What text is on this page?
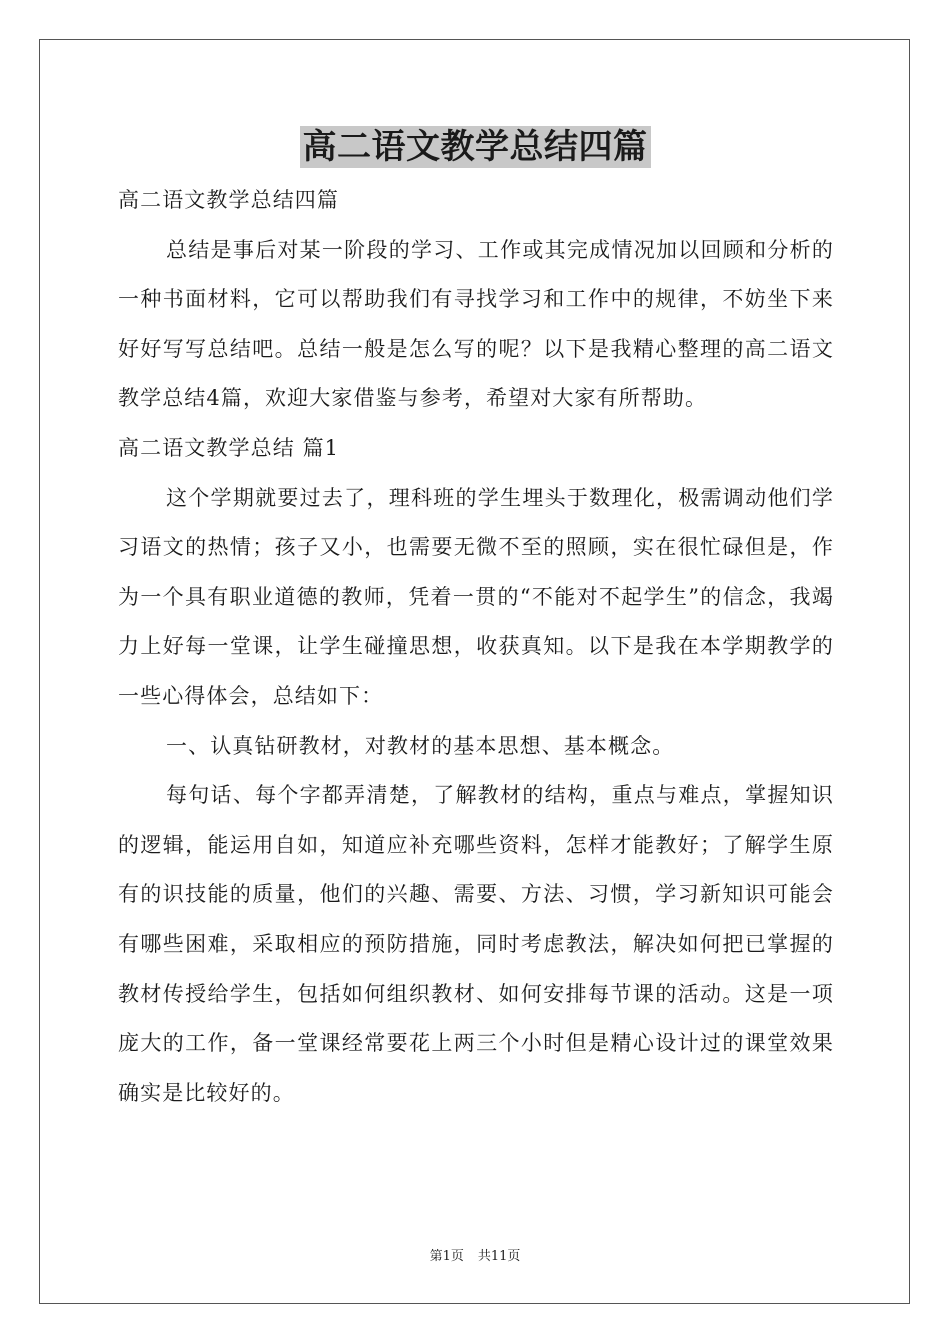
高二语文教学总结四篇

高二语文教学总结四篇

总结是事后对某一阶段的学习、工作或其完成情况加以回顾和分析的一种书面材料，它可以帮助我们有寻找学习和工作中的规律，不妨坐下来好好写写总结吧。总结一般是怎么写的呢？以下是我精心整理的高二语文教学总结4篇，欢迎大家借鉴与参考，希望对大家有所帮助。

高二语文教学总结 篇1

这个学期就要过去了，理科班的学生埋头于数理化，极需调动他们学习语文的热情；孩子又小，也需要无微不至的照顾，实在很忙碌但是，作为一个具有职业道德的教师，凭着一贯的“不能对不起学生”的信念，我竭力上好每一堂课，让学生碰撞思想，收获真知。以下是我在本学期教学的一些心得体会，总结如下：

一、认真钻研教材，对教材的基本思想、基本概念。

每句话、每个字都弄清楚，了解教材的结构，重点与难点，掌握知识的逻辑，能运用自如，知道应补充哪些资料，怎样才能教好；了解学生原有的识技能的质量，他们的兴趣、需要、方法、习惯，学习新知识可能会有哪些困难，采取相应的预防措施，同时考虑教法，解决如何把已掌握的教材传授给学生，包括如何组织教材、如何安排每节课的活动。这是一项庞大的工作，备一堂课经常要花上两三个小时但是精心设计过的课堂效果确实是比较好的。

第1页 共11页
